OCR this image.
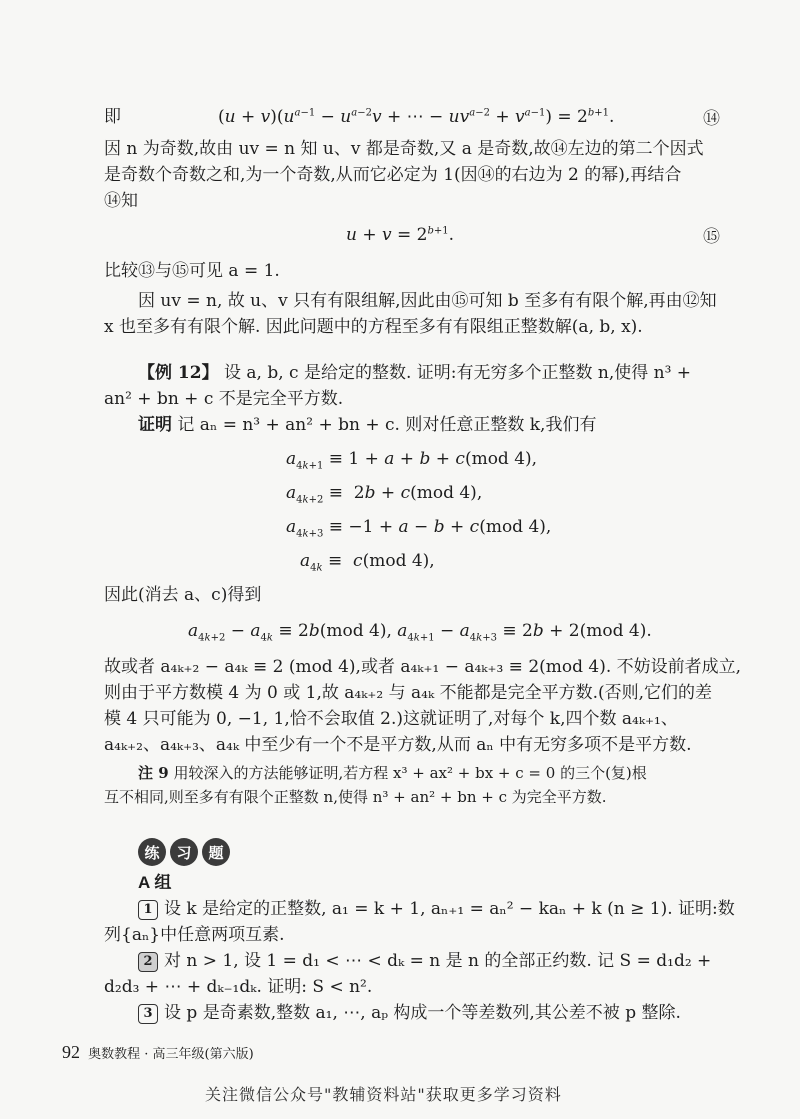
即	$(u + v)(u^{a-1} - u^{a-2}v$ + ⋯ − $uv^{a-2} + v^{a-1}) = 2^{b+1}$.	⑭
因 n 为奇数,故由 uv = n 知 u、v 都是奇数,又 a 是奇数,故⑭左边的第二个因式
是奇数个奇数之和,为一个奇数,从而它必定为 1(因⑭的右边为 2 的幂),再结合
⑭知
$u + v = 2^{b+1}$.	⑮
比较⑬与⑮可见 a = 1.
因 uv = n, 故 u、v 只有有限组解,因此由⑮可知 b 至多有有限个解,再由⑫知
x 也至多有有限个解. 因此问题中的方程至多有有限组正整数解(a, b, x).
【例 12】 设 a, b, c 是给定的整数. 证明:有无穷多个正整数 n,使得 n³ +
an² + bn + c 不是完全平方数.
证明 记 aₙ = n³ + an² + bn + c. 则对任意正整数 k,我们有
$a_{4k+1} \equiv 1 + a + b + c(mod$ 4),
$a_{4k+2} \equiv 2b + c(mod$ 4),
$a_{4k+3} \equiv -1 + a - b + c(mod$ 4),
$a_{4k} \equiv c(mod$ 4),
因此(消去 a、c)得到
$a_{4k+2} - a_{4k} \equiv 2b(mod$ 4), $a_{4k+1} - a_{4k+3} \equiv 2b + 2(mod$ 4).
故或者 a₄ₖ₊₂ − a₄ₖ ≡ 2 (mod 4),或者 a₄ₖ₊₁ − a₄ₖ₊₃ ≡ 2(mod 4). 不妨设前者成立,
则由于平方数模 4 为 0 或 1,故 a₄ₖ₊₂ 与 a₄ₖ 不能都是完全平方数.(否则,它们的差
模 4 只可能为 0, −1, 1,恰不会取值 2.)这就证明了,对每个 k,四个数 a₄ₖ₊₁、
a₄ₖ₊₂、a₄ₖ₊₃、a₄ₖ 中至少有一个不是平方数,从而 aₙ 中有无穷多项不是平方数.
注 9 用较深入的方法能够证明,若方程 x³ + ax² + bx + c = 0 的三个(复)根
互不相同,则至多有有限个正整数 n,使得 n³ + an² + bn + c 为完全平方数.
练	习	题
A 组
1 设 k 是给定的正整数, a₁ = k + 1, aₙ₊₁ = aₙ² − kaₙ + k (n ≥ 1). 证明:数
列{aₙ}中任意两项互素.
2 对 n > 1, 设 1 = d₁ < ⋯ < dₖ = n 是 n 的全部正约数. 记 S = d₁d₂ +
d₂d₃ + ⋯ + dₖ₋₁dₖ. 证明: S < n².
3 设 p 是奇素数,整数 a₁, ⋯, aₚ 构成一个等差数列,其公差不被 p 整除.
92 奥数教程 · 高三年级(第六版)
关注微信公众号"教辅资料站"获取更多学习资料
